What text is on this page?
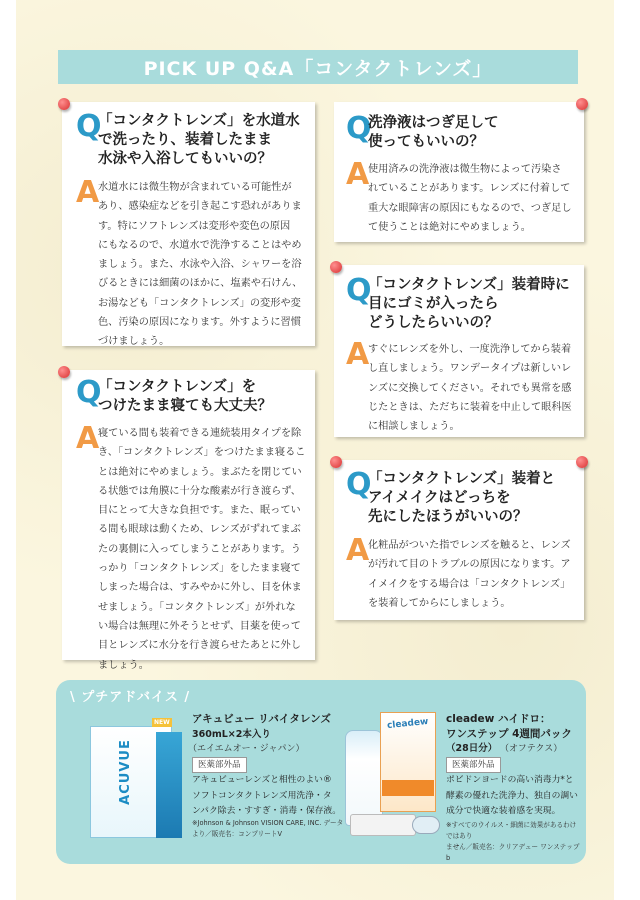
PICK UP Q&A「コンタクトレンズ」
Q
「コンタクトレンズ」を水道水
で洗ったり、装着したまま
水泳や入浴してもいいの？
A
水道水には微生物が含まれている可能性が
あり、感染症などを引き起こす恐れがありま
す。特にソフトレンズは変形や変色の原因
にもなるので、水道水で洗浄することはやめ
ましょう。また、水泳や入浴、シャワーを浴
びるときには細菌のほかに、塩素や石けん、
お湯なども「コンタクトレンズ」の変形や変
色、汚染の原因になります。外すように習慣
づけましょう。
Q
「コンタクトレンズ」を
つけたまま寝ても大丈夫？
A
寝ている間も装着できる連続装用タイプを除
き、「コンタクトレンズ」をつけたまま寝るこ
とは絶対にやめましょう。まぶたを閉じてい
る状態では角膜に十分な酸素が行き渡らず、
目にとって大きな負担です。また、眠ってい
る間も眼球は動くため、レンズがずれてまぶ
たの裏側に入ってしまうことがあります。う
っかり「コンタクトレンズ」をしたまま寝て
しまった場合は、すみやかに外し、目を休ま
せましょう。「コンタクトレンズ」が外れな
い場合は無理に外そうとせず、目薬を使って
目とレンズに水分を行き渡らせたあとに外し
ましょう。
Q
洗浄液はつぎ足して
使ってもいいの？
A
使用済みの洗浄液は微生物によって汚染さ
れていることがあります。レンズに付着して
重大な眼障害の原因にもなるので、つぎ足し
て使うことは絶対にやめましょう。
Q
「コンタクトレンズ」装着時に
目にゴミが入ったら
どうしたらいいの？
A
すぐにレンズを外し、一度洗浄してから装着
し直しましょう。ワンデータイプは新しいレ
ンズに交換してください。それでも異常を感
じたときは、ただちに装着を中止して眼科医
に相談しましょう。
Q
「コンタクトレンズ」装着と
アイメイクはどっちを
先にしたほうがいいの？
A
化粧品がついた指でレンズを触ると、レンズ
が汚れて目のトラブルの原因になります。ア
イメイクをする場合は「コンタクトレンズ」
を装着してからにしましょう。
\ プチアドバイス /
ACUVUE
NEW アキュビュー リバイタレンズ
360mL×2本入り
（エイエムオー・ジャパン）
医薬部外品
アキュビューレンズと相性のよい®
ソフトコンタクトレンズ用洗浄・タ
ンパク除去・すすぎ・消毒・保存液。
※Johnson & Johnson VISION CARE, INC. データ
より／販売名：コンプリートV
cleadew cleadew ハイドロ：
ワンステップ 4週間パック
（28日分） （オフテクス）
医薬部外品
ポビドンヨードの高い消毒力*と
酵素の優れた洗浄力、独自の調い
成分で快適な装着感を実現。
※すべてのウイルス・細菌に効果があるわけではあり
ません／販売名：クリアデュー ワンステップb
